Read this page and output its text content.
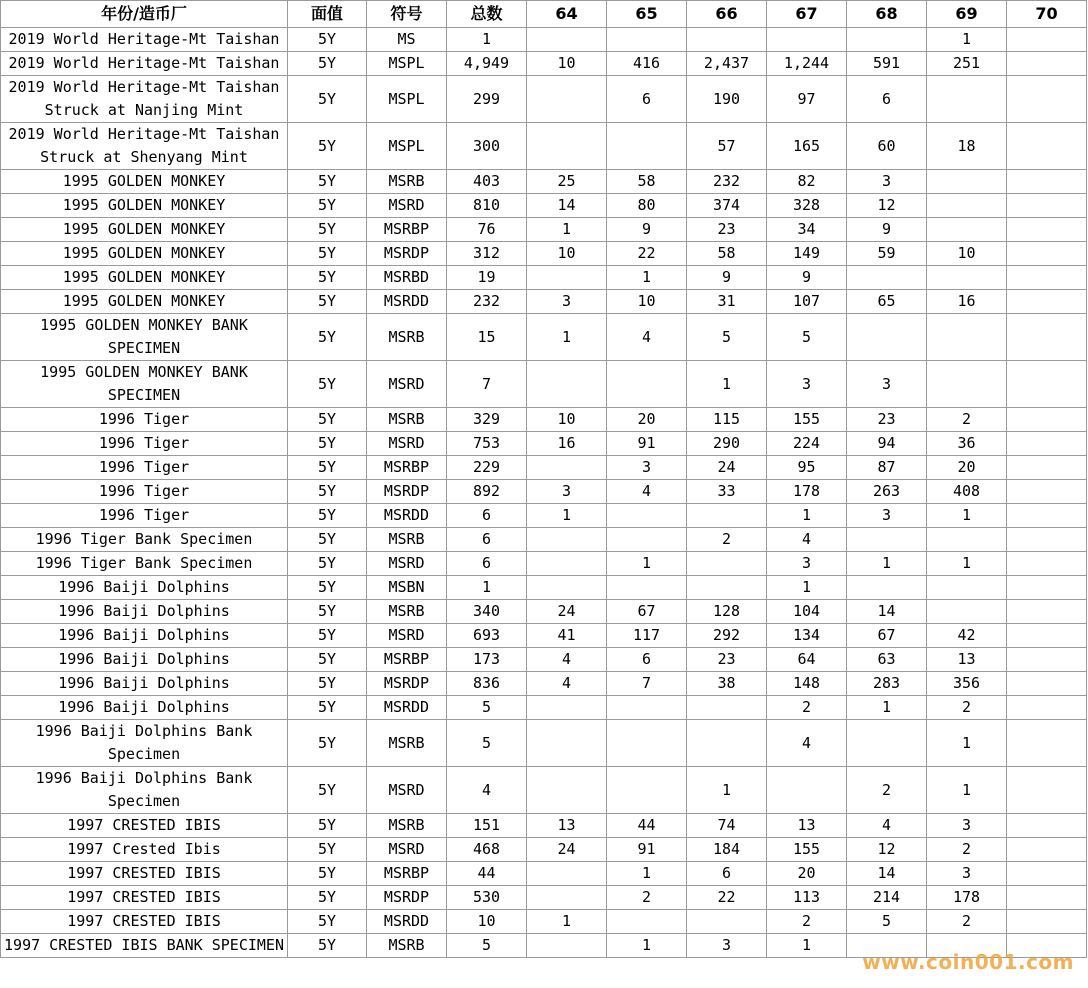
年份/造币厂	面值	符号	总数	64	65	66	67	68	69	70
2019 World Heritage-Mt Taishan	5Y	MS	1						1	
2019 World Heritage-Mt Taishan	5Y	MSPL	4,949	10	416	2,437	1,244	591	251	
2019 World Heritage-Mt Taishan Struck at Nanjing Mint	5Y	MSPL	299		6	190	97	6		
2019 World Heritage-Mt Taishan Struck at Shenyang Mint	5Y	MSPL	300			57	165	60	18	
1995 GOLDEN MONKEY	5Y	MSRB	403	25	58	232	82	3		
1995 GOLDEN MONKEY	5Y	MSRD	810	14	80	374	328	12		
1995 GOLDEN MONKEY	5Y	MSRBP	76	1	9	23	34	9		
1995 GOLDEN MONKEY	5Y	MSRDP	312	10	22	58	149	59	10	
1995 GOLDEN MONKEY	5Y	MSRBD	19		1	9	9			
1995 GOLDEN MONKEY	5Y	MSRDD	232	3	10	31	107	65	16	
1995 GOLDEN MONKEY BANK SPECIMEN	5Y	MSRB	15	1	4	5	5			
1995 GOLDEN MONKEY BANK SPECIMEN	5Y	MSRD	7			1	3	3		
1996 Tiger	5Y	MSRB	329	10	20	115	155	23	2	
1996 Tiger	5Y	MSRD	753	16	91	290	224	94	36	
1996 Tiger	5Y	MSRBP	229		3	24	95	87	20	
1996 Tiger	5Y	MSRDP	892	3	4	33	178	263	408	
1996 Tiger	5Y	MSRDD	6	1			1	3	1	
1996 Tiger Bank Specimen	5Y	MSRB	6			2	4			
1996 Tiger Bank Specimen	5Y	MSRD	6		1		3	1	1	
1996 Baiji Dolphins	5Y	MSBN	1				1			
1996 Baiji Dolphins	5Y	MSRB	340	24	67	128	104	14		
1996 Baiji Dolphins	5Y	MSRD	693	41	117	292	134	67	42	
1996 Baiji Dolphins	5Y	MSRBP	173	4	6	23	64	63	13	
1996 Baiji Dolphins	5Y	MSRDP	836	4	7	38	148	283	356	
1996 Baiji Dolphins	5Y	MSRDD	5				2	1	2	
1996 Baiji Dolphins Bank Specimen	5Y	MSRB	5				4		1	
1996 Baiji Dolphins Bank Specimen	5Y	MSRD	4			1		2	1	
1997 CRESTED IBIS	5Y	MSRB	151	13	44	74	13	4	3	
1997 Crested Ibis	5Y	MSRD	468	24	91	184	155	12	2	
1997 CRESTED IBIS	5Y	MSRBP	44		1	6	20	14	3	
1997 CRESTED IBIS	5Y	MSRDP	530		2	22	113	214	178	
1997 CRESTED IBIS	5Y	MSRDD	10	1			2	5	2	
1997 CRESTED IBIS BANK SPECIMEN	5Y	MSRB	5		1	3	1			
www.coin001.com
